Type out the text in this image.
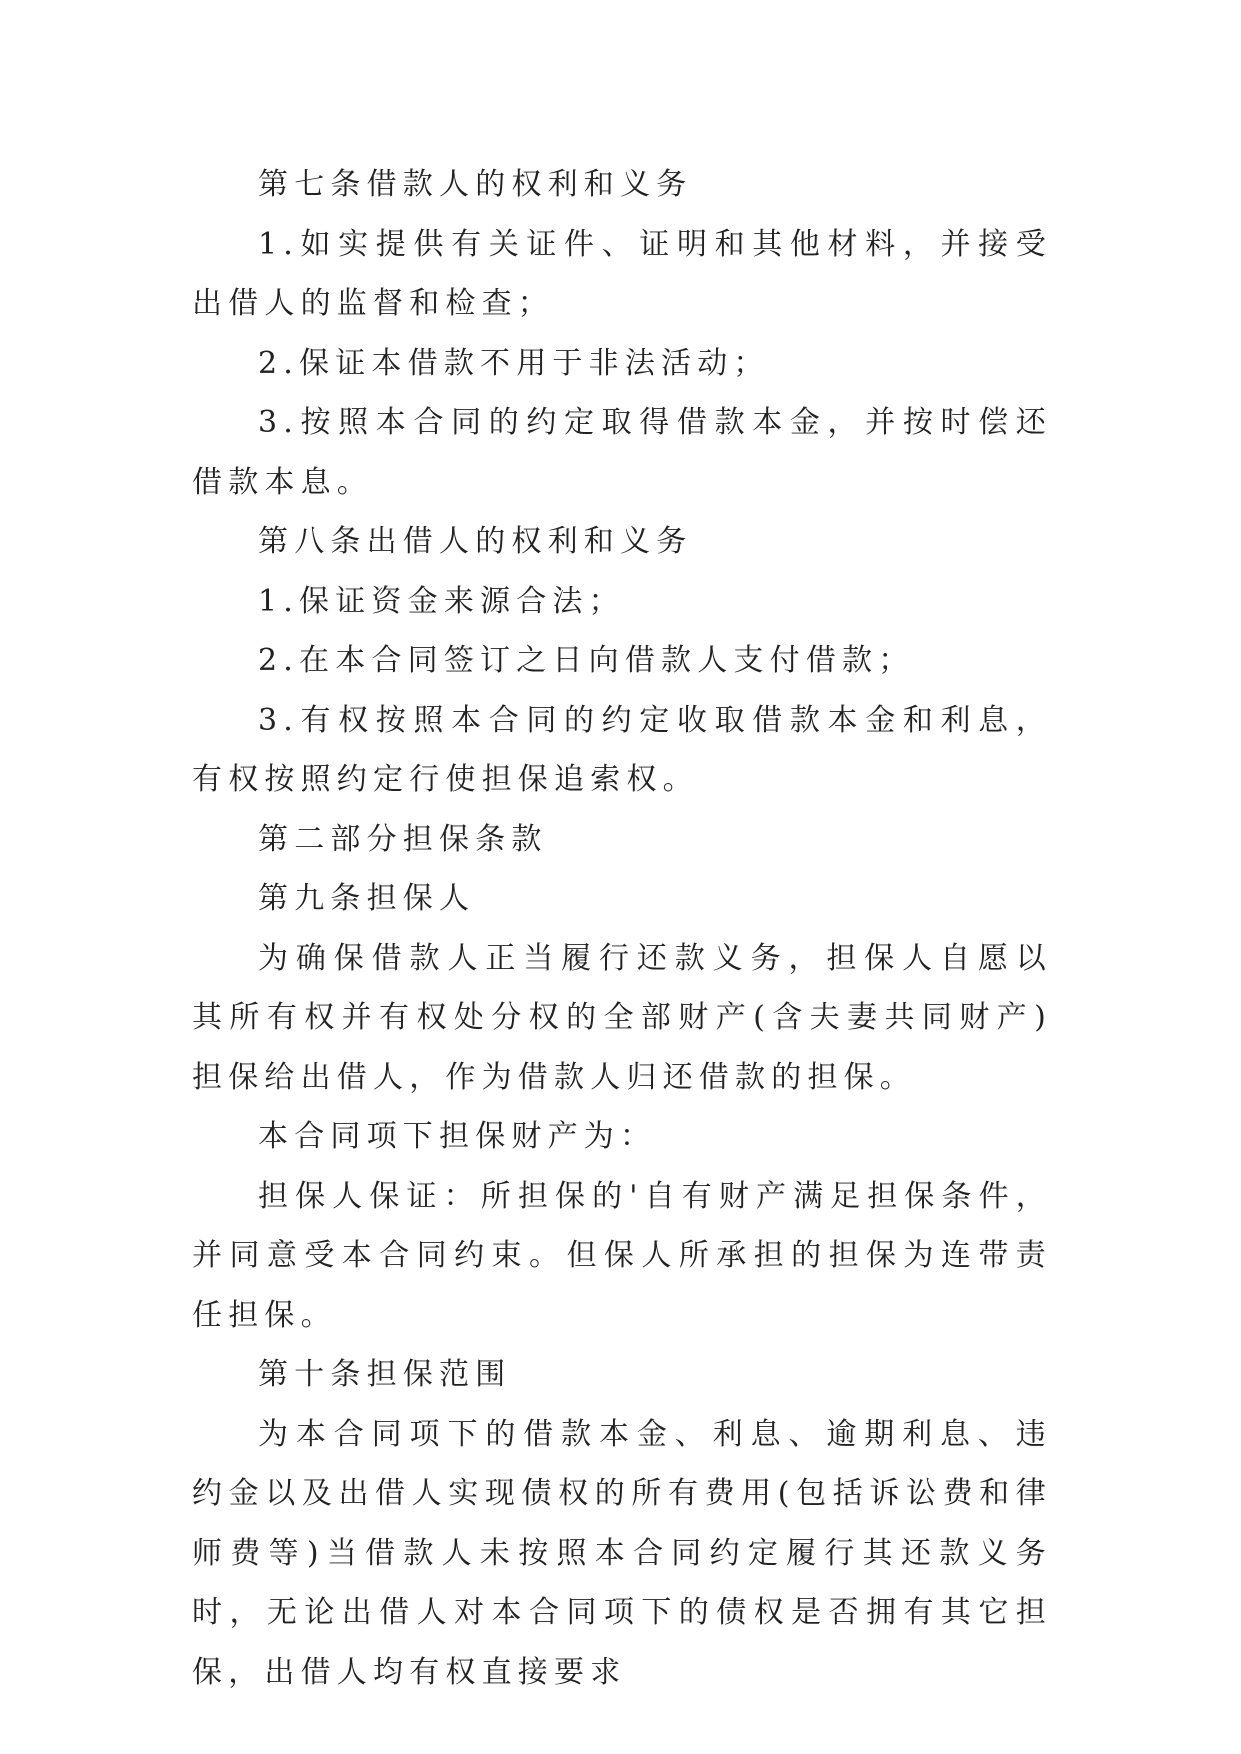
第七条借款人的权利和义务

1.如实提供有关证件、证明和其他材料，并接受出借人的监督和检查；

2.保证本借款不用于非法活动；

3.按照本合同的约定取得借款本金，并按时偿还借款本息。

第八条出借人的权利和义务

1.保证资金来源合法；

2.在本合同签订之日向借款人支付借款；

3.有权按照本合同的约定收取借款本金和利息，有权按照约定行使担保追索权。

第二部分担保条款

第九条担保人

为确保借款人正当履行还款义务，担保人自愿以其所有权并有权处分权的全部财产(含夫妻共同财产)担保给出借人，作为借款人归还借款的担保。

本合同项下担保财产为：

担保人保证：所担保的'自有财产满足担保条件，并同意受本合同约束。但保人所承担的担保为连带责任担保。

第十条担保范围

为本合同项下的借款本金、利息、逾期利息、违约金以及出借人实现债权的所有费用(包括诉讼费和律师费等)当借款人未按照本合同约定履行其还款义务时，无论出借人对本合同项下的债权是否拥有其它担保，出借人均有权直接要求
